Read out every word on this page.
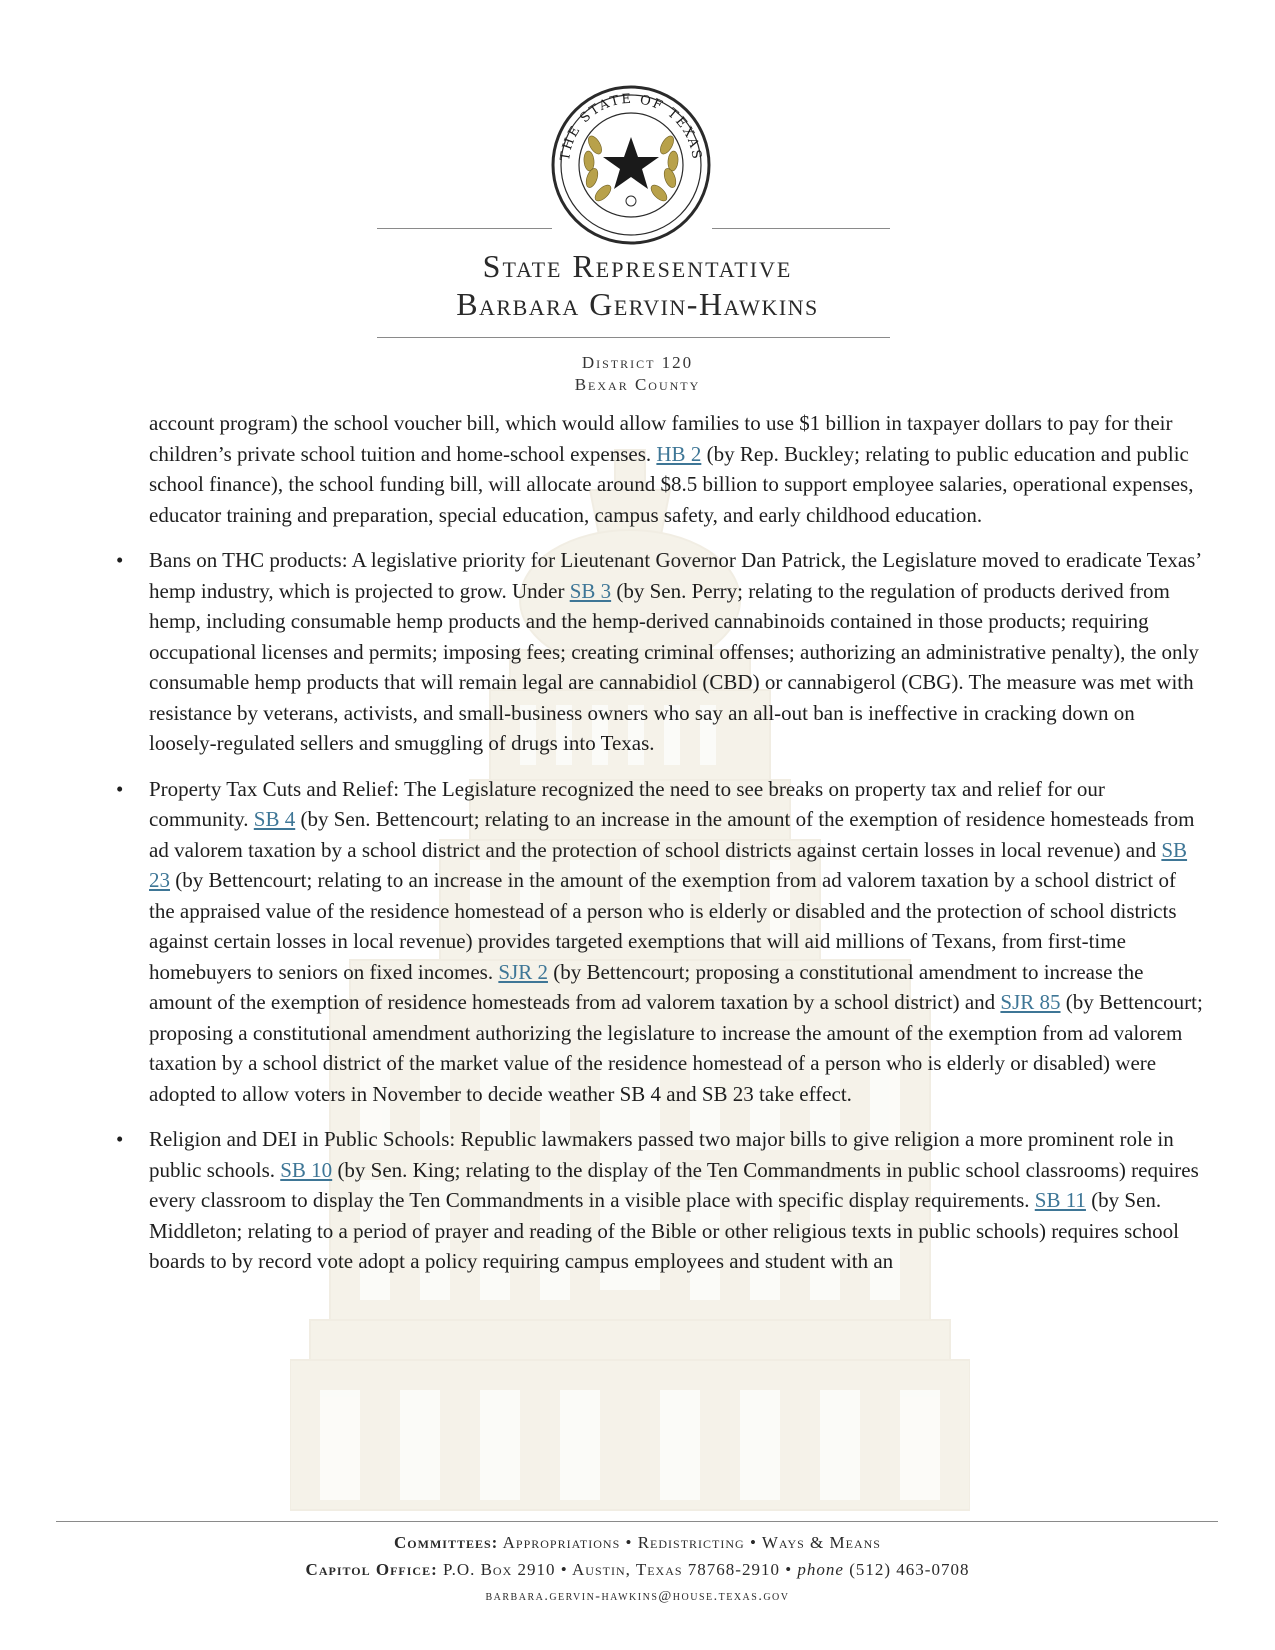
THE STATE OF TEXAS
State Representative
Barbara Gervin-Hawkins
District 120
Bexar County

account program) the school voucher bill, which would allow families to use $1 billion in taxpayer dollars to pay for their children’s private school tuition and home-school expenses. HB 2 (by Rep. Buckley; relating to public education and public school finance), the school funding bill, will allocate around $8.5 billion to support employee salaries, operational expenses, educator training and preparation, special education, campus safety, and early childhood education.

• Bans on THC products: A legislative priority for Lieutenant Governor Dan Patrick, the Legislature moved to eradicate Texas’ hemp industry, which is projected to grow. Under SB 3 (by Sen. Perry; relating to the regulation of products derived from hemp, including consumable hemp products and the hemp-derived cannabinoids contained in those products; requiring occupational licenses and permits; imposing fees; creating criminal offenses; authorizing an administrative penalty), the only consumable hemp products that will remain legal are cannabidiol (CBD) or cannabigerol (CBG). The measure was met with resistance by veterans, activists, and small-business owners who say an all-out ban is ineffective in cracking down on loosely-regulated sellers and smuggling of drugs into Texas.
• Property Tax Cuts and Relief: The Legislature recognized the need to see breaks on property tax and relief for our community. SB 4 (by Sen. Bettencourt; relating to an increase in the amount of the exemption of residence homesteads from ad valorem taxation by a school district and the protection of school districts against certain losses in local revenue) and SB 23 (by Bettencourt; relating to an increase in the amount of the exemption from ad valorem taxation by a school district of the appraised value of the residence homestead of a person who is elderly or disabled and the protection of school districts against certain losses in local revenue) provides targeted exemptions that will aid millions of Texans, from first-time homebuyers to seniors on fixed incomes. SJR 2 (by Bettencourt; proposing a constitutional amendment to increase the amount of the exemption of residence homesteads from ad valorem taxation by a school district) and SJR 85 (by Bettencourt; proposing a constitutional amendment authorizing the legislature to increase the amount of the exemption from ad valorem taxation by a school district of the market value of the residence homestead of a person who is elderly or disabled) were adopted to allow voters in November to decide weather SB 4 and SB 23 take effect.
• Religion and DEI in Public Schools: Republic lawmakers passed two major bills to give religion a more prominent role in public schools. SB 10 (by Sen. King; relating to the display of the Ten Commandments in public school classrooms) requires every classroom to display the Ten Commandments in a visible place with specific display requirements. SB 11 (by Sen. Middleton; relating to a period of prayer and reading of the Bible or other religious texts in public schools) requires school boards to by record vote adopt a policy requiring campus employees and student with an
Committees: Appropriations • Redistricting • Ways & Means
Capitol Office: P.O. Box 2910 • Austin, Texas 78768-2910 • phone (512) 463-0708
barbara.gervin-hawkins@house.texas.gov
